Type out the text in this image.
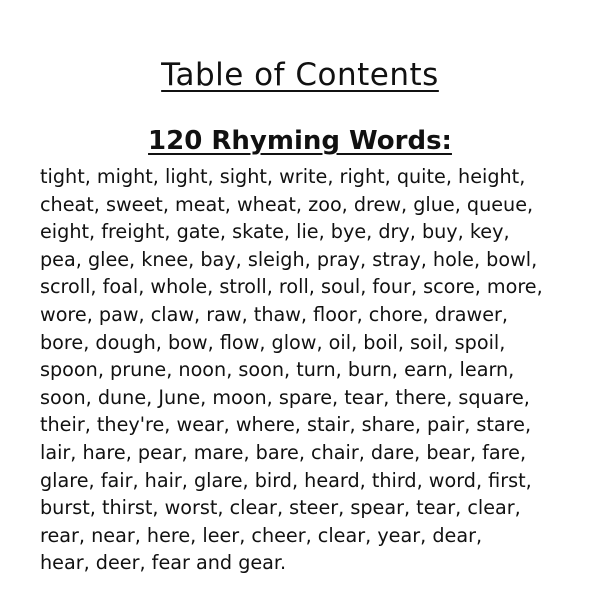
Table of Contents
120 Rhyming Words:
tight, might, light, sight, write, right, quite, height,
cheat, sweet, meat, wheat, zoo, drew, glue, queue,
eight, freight, gate, skate, lie, bye, dry, buy, key,
pea, glee, knee, bay, sleigh, pray, stray, hole, bowl,
scroll, foal, whole, stroll, roll, soul, four, score, more,
wore, paw, claw, raw, thaw, floor, chore, drawer,
bore, dough, bow, flow, glow, oil, boil, soil, spoil,
spoon, prune, noon, soon, turn, burn, earn, learn,
soon, dune, June, moon, spare, tear, there, square,
their, they're, wear, where, stair, share, pair, stare,
lair, hare, pear, mare, bare, chair, dare, bear, fare,
glare, fair, hair, glare, bird, heard, third, word, first,
burst, thirst, worst, clear, steer, spear, tear, clear,
rear, near, here, leer, cheer, clear, year, dear,
hear, deer, fear and gear.
